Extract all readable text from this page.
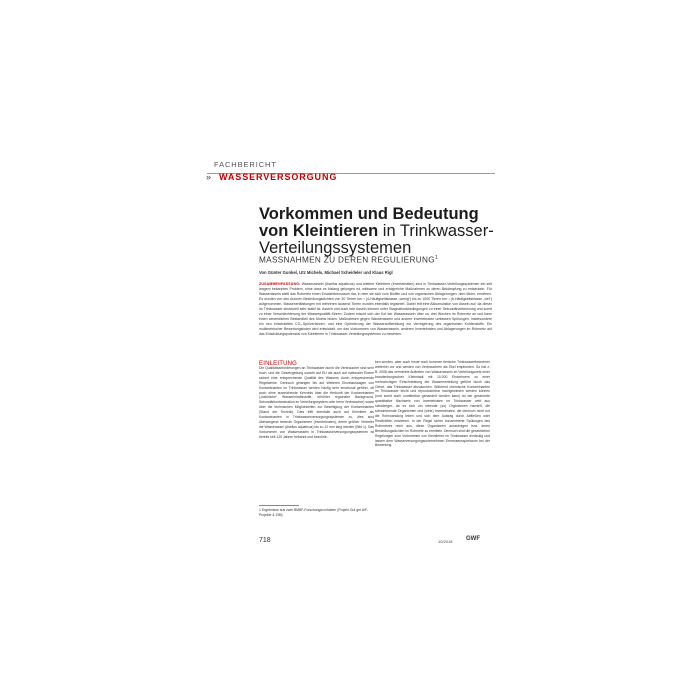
FACHBERICHT
» WASSERVERSORGUNG
Vorkommen und Bedeutung von Kleintieren in Trinkwasser-Verteilungssystemen
MASSNAHMEN ZU DEREN REGULIERUNG$^1$
Von Günter Gunkel, Utz Michels, Michael Scheideler und Klaus Rigl
ZUSAMMENFASSUNG: Wasserasseln (Asellus aquaticus) und weitere Kleintiere (Invertebraten) sind in Trinkwasser-Verteilungssystemen ein seit langem bekanntes Problem, ohne dass es bislang gelungen ist, wirksame und erfolgreiche Maßnahmen zu deren Bekämpfung zu entwickeln. Für Wasserasseln stellt das Rohrnetz einen Ersatzlebensraum dar, in dem sie sich vom Biofilm und von organischen Ablagerungen, dem Mulm, ernähren. Es wurden von den Autoren Besiedlungsdichten von 30 Tieren km⁻¹ (4-Häufigkeitsklasse „wenig“) bis zu 1000 Tieren km⁻¹ (6-Häufigkeitsklasse „viel“) aufgenommen, Massenentfaltungen mit mehreren tausend Tieren wurden ebenfalls registriert. Dabei tritt eine Akkumulation von Asseln auf, da dieser im Trinkwasser strukturell sehr stabil ist. Asseln und auch tote Asseln können unter Stagnationsbedingungen zu einer Sekundärverkeimung und somit zu einer Verschlechterung der Wasserqualität führen. Zudem mischt sich der Kot der Wasserasseln über ca. drei Wochen im Rohrnetz an und kann einen wesentlichen Bestandteil des Mulms bilden. Maßnahmen gegen Wasserasseln und andere Invertebraten umfassen Spülungen, insbesondere ein neu entwickeltes CO₂-Spülverfahren, und eine Optimierung der Wasseraufbereitung zur Verringerung des organischen Kohlenstoffs. Ein multimetrischer Bewertungsindex wird entwickelt, um das Vorkommen von Wasserasseln, anderen Invertebraten und Ablagerungen im Rohrnetz auf das Entwicklungspotenzial von Kleintieren in Trinkwasser-Verteilungssystemen zu bewerten.
EINLEITUNG
Die Qualitätsanforderungen an Trinkwasser durch die Verbraucher sind sehr hoch, und die Gesetzgebung sowohl auf EU als auch auf nationaler Ebene sichert eine entsprechende Qualität des Wassers durch entsprechende Regelwerke. Dennoch gelangen bis auf Weiteres Einzelaussagen von Kontaminanten im Trinkwasser werden häufig sehr emotional geführt, oft auch ohne ausreichende Kenntnis über die Herkunft der Kontaminanten („natürliche“ Wasserinhaltsstoffe, erhöhter regionaler Background, Sekundärkontamination im Verteilungssystem oder beim Verbraucher) sowie über die technischen Möglichkeiten zur Beseitigung der Kontaminanten (Stand der Technik). Dies trifft ebenfalls auch auf Kleintiere als Kontaminanten in Trinkwasserversorgungssystemen zu, dies sind überwiegend lebende Organismen (Invertebraten), deren größter Vertreter die Wasserassel (Asellus aquaticus) bis zu 12 mm lang werden (Bild 1). Das Vorkommen von Wasserasseln in Trinkwasserversorgungssystemen ist bereits seit 120 Jahren bekannt und beschrie-
ben worden, aber auch heute noch kommen tierische Trinkwasserbewohner weiterhin vor und werden von Verbrauchern als Ekel empfunden. So hat z. B. 2008 das vermehrte Auftreten von Wasserasseln im Verteilungsnetz einer brandenburgischen Kleinstadt mit 10.000 Einwohnern zu einer mehrwöchigen Einschränkung der Wasserverteilung geführt durch das Gebot, das Trinkwasser abzukochen. Während chemische Kontaminanten im Trinkwasser leicht und reproduzierbar nachgewiesen werden können (und somit auch unmittelbar gehandelt werden kann) ist der gesicherte quantitative Nachweis von Invertebraten im Trinkwasser weit aus schwieriger, da es sich um lebende (so) Organismen handelt, die schwimmende Organismen und (viele) Invertebraten, die dennoch nicht nur die Rohrwandung leben und sich dem Austrag durch Abfließen oder Restkräften entziehen. In der Regel sicher konzentrierte Spülungen des Rohrnetzes reich aus, diese Organismen auszutragen bzw. deren Besiedlungsdichten im Rohrnetz zu ermitteln. Dennoch sind die gesetzlichen Regelungen zum Vorkommen von Kleintieren im Trinkwasser eindeutig und lassen dem Wasserversorgungsunternehmen Ermessensspielraum bei der Bewertung.
1 Ergebnisse aus zwei BMBF-Forschungsvorhaben (Projekt Gut ger AiF-Projekte & ZIM)
718	10/2018 GWF
